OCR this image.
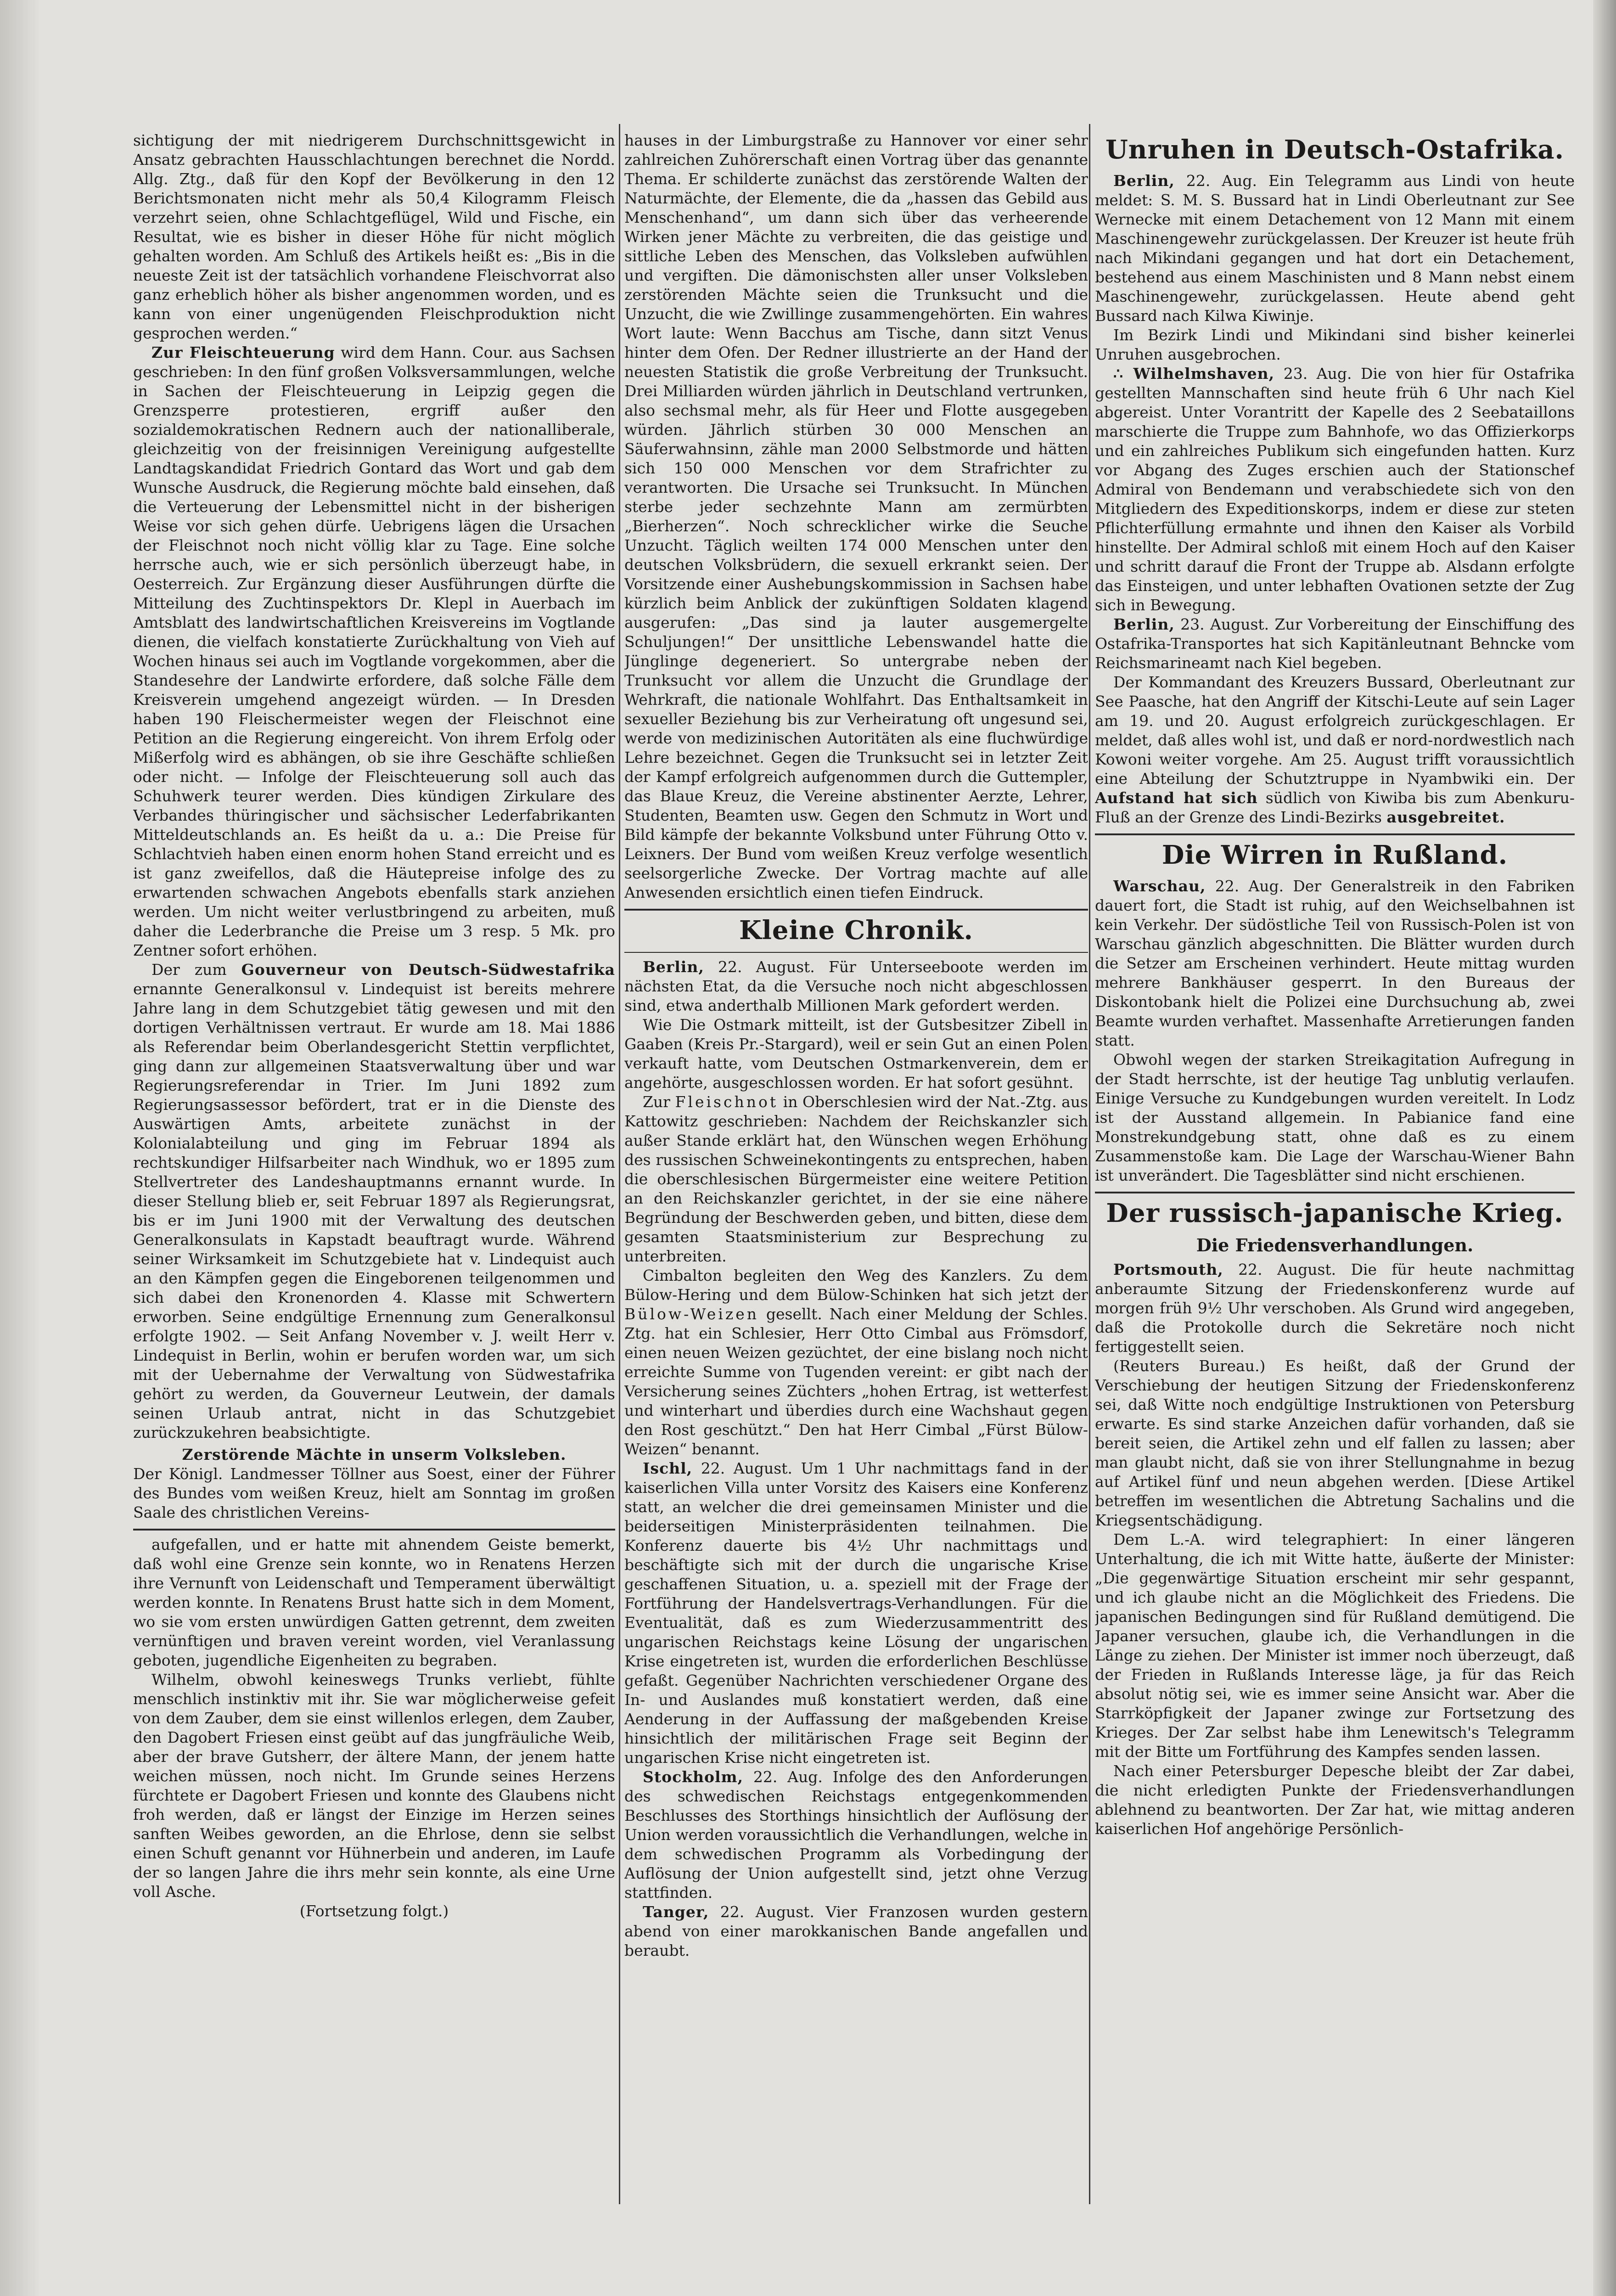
sichtigung der mit niedrigerem Durchschnittsgewicht in Ansatz gebrachten Hausschlachtungen berechnet die Nordd. Allg. Ztg., daß für den Kopf der Bevölkerung in den 12 Berichtsmonaten nicht mehr als 50,4 Kilogramm Fleisch verzehrt seien, ohne Schlachtgeflügel, Wild und Fische, ein Resultat, wie es bisher in dieser Höhe für nicht möglich gehalten worden. Am Schluß des Artikels heißt es: „Bis in die neueste Zeit ist der tatsächlich vorhandene Fleischvorrat also ganz erheblich höher als bisher angenommen worden, und es kann von einer ungenügenden Fleischproduktion nicht gesprochen werden.“

Zur Fleischteuerung wird dem Hann. Cour. aus Sachsen geschrieben: In den fünf großen Volksversammlungen, welche in Sachen der Fleischteuerung in Leipzig gegen die Grenzsperre protestieren, ergriff außer den sozialdemokratischen Rednern auch der nationalliberale, gleichzeitig von der freisinnigen Vereinigung aufgestellte Landtagskandidat Friedrich Gontard das Wort und gab dem Wunsche Ausdruck, die Regierung möchte bald einsehen, daß die Verteuerung der Lebensmittel nicht in der bisherigen Weise vor sich gehen dürfe. Uebrigens lägen die Ursachen der Fleischnot noch nicht völlig klar zu Tage. Eine solche herrsche auch, wie er sich persönlich überzeugt habe, in Oesterreich. Zur Ergänzung dieser Ausführungen dürfte die Mitteilung des Zuchtinspektors Dr. Klepl in Auerbach im Amtsblatt des landwirtschaftlichen Kreisvereins im Vogtlande dienen, die vielfach konstatierte Zurückhaltung von Vieh auf Wochen hinaus sei auch im Vogtlande vorgekommen, aber die Standesehre der Landwirte erfordere, daß solche Fälle dem Kreisverein umgehend angezeigt würden. — In Dresden haben 190 Fleischermeister wegen der Fleischnot eine Petition an die Regierung eingereicht. Von ihrem Erfolg oder Mißerfolg wird es abhängen, ob sie ihre Geschäfte schließen oder nicht. — Infolge der Fleischteuerung soll auch das Schuhwerk teurer werden. Dies kündigen Zirkulare des Verbandes thüringischer und sächsischer Lederfabrikanten Mitteldeutschlands an. Es heißt da u. a.: Die Preise für Schlachtvieh haben einen enorm hohen Stand erreicht und es ist ganz zweifellos, daß die Häutepreise infolge des zu erwartenden schwachen Angebots ebenfalls stark anziehen werden. Um nicht weiter verlustbringend zu arbeiten, muß daher die Lederbranche die Preise um 3 resp. 5 Mk. pro Zentner sofort erhöhen.

Der zum Gouverneur von Deutsch-Südwestafrika ernannte Generalkonsul v. Lindequist ist bereits mehrere Jahre lang in dem Schutzgebiet tätig gewesen und mit den dortigen Verhältnissen vertraut. Er wurde am 18. Mai 1886 als Referendar beim Oberlandesgericht Stettin verpflichtet, ging dann zur allgemeinen Staatsverwaltung über und war Regierungsreferendar in Trier. Im Juni 1892 zum Regierungsassessor befördert, trat er in die Dienste des Auswärtigen Amts, arbeitete zunächst in der Kolonialabteilung und ging im Februar 1894 als rechtskundiger Hilfsarbeiter nach Windhuk, wo er 1895 zum Stellvertreter des Landeshauptmanns ernannt wurde. In dieser Stellung blieb er, seit Februar 1897 als Regierungsrat, bis er im Juni 1900 mit der Verwaltung des deutschen Generalkonsulats in Kapstadt beauftragt wurde. Während seiner Wirksamkeit im Schutzgebiete hat v. Lindequist auch an den Kämpfen gegen die Eingeborenen teilgenommen und sich dabei den Kronenorden 4. Klasse mit Schwertern erworben. Seine endgültige Ernennung zum Generalkonsul erfolgte 1902. — Seit Anfang November v. J. weilt Herr v. Lindequist in Berlin, wohin er berufen worden war, um sich mit der Uebernahme der Verwaltung von Südwestafrika gehört zu werden, da Gouverneur Leutwein, der damals seinen Urlaub antrat, nicht in das Schutzgebiet zurückzukehren beabsichtigte.

Zerstörende Mächte in unserm Volksleben.

Der Königl. Landmesser Töllner aus Soest, einer der Führer des Bundes vom weißen Kreuz, hielt am Sonntag im großen Saale des christlichen Vereins-

aufgefallen, und er hatte mit ahnendem Geiste bemerkt, daß wohl eine Grenze sein konnte, wo in Renatens Herzen ihre Vernunft von Leidenschaft und Temperament überwältigt werden konnte. In Renatens Brust hatte sich in dem Moment, wo sie vom ersten unwürdigen Gatten getrennt, dem zweiten vernünftigen und braven vereint worden, viel Veranlassung geboten, jugendliche Eigenheiten zu begraben.

Wilhelm, obwohl keineswegs Trunks verliebt, fühlte menschlich instinktiv mit ihr. Sie war möglicherweise gefeit von dem Zauber, dem sie einst willenlos erlegen, dem Zauber, den Dagobert Friesen einst geübt auf das jungfräuliche Weib, aber der brave Gutsherr, der ältere Mann, der jenem hatte weichen müssen, noch nicht. Im Grunde seines Herzens fürchtete er Dagobert Friesen und konnte des Glaubens nicht froh werden, daß er längst der Einzige im Herzen seines sanften Weibes geworden, an die Ehrlose, denn sie selbst einen Schuft genannt vor Hühnerbein und anderen, im Laufe der so langen Jahre die ihrs mehr sein konnte, als eine Urne voll Asche.

(Fortsetzung folgt.)

hauses in der Limburgstraße zu Hannover vor einer sehr zahlreichen Zuhörerschaft einen Vortrag über das genannte Thema. Er schilderte zunächst das zerstörende Walten der Naturmächte, der Elemente, die da „hassen das Gebild aus Menschenhand“, um dann sich über das verheerende Wirken jener Mächte zu verbreiten, die das geistige und sittliche Leben des Menschen, das Volksleben aufwühlen und vergiften. Die dämonischsten aller unser Volksleben zerstörenden Mächte seien die Trunksucht und die Unzucht, die wie Zwillinge zusammengehörten. Ein wahres Wort laute: Wenn Bacchus am Tische, dann sitzt Venus hinter dem Ofen. Der Redner illustrierte an der Hand der neuesten Statistik die große Verbreitung der Trunksucht. Drei Milliarden würden jährlich in Deutschland vertrunken, also sechsmal mehr, als für Heer und Flotte ausgegeben würden. Jährlich stürben 30 000 Menschen an Säuferwahnsinn, zähle man 2000 Selbstmorde und hätten sich 150 000 Menschen vor dem Strafrichter zu verantworten. Die Ursache sei Trunksucht. In München sterbe jeder sechzehnte Mann am zermürbten „Bierherzen“. Noch schrecklicher wirke die Seuche Unzucht. Täglich weilten 174 000 Menschen unter den deutschen Volksbrüdern, die sexuell erkrankt seien. Der Vorsitzende einer Aushebungskommission in Sachsen habe kürzlich beim Anblick der zukünftigen Soldaten klagend ausgerufen: „Das sind ja lauter ausgemergelte Schuljungen!“ Der unsittliche Lebenswandel hatte die Jünglinge degeneriert. So untergrabe neben der Trunksucht vor allem die Unzucht die Grundlage der Wehrkraft, die nationale Wohlfahrt. Das Enthaltsamkeit in sexueller Beziehung bis zur Verheiratung oft ungesund sei, werde von medizinischen Autoritäten als eine fluchwürdige Lehre bezeichnet. Gegen die Trunksucht sei in letzter Zeit der Kampf erfolgreich aufgenommen durch die Guttempler, das Blaue Kreuz, die Vereine abstinenter Aerzte, Lehrer, Studenten, Beamten usw. Gegen den Schmutz in Wort und Bild kämpfe der bekannte Volksbund unter Führung Otto v. Leixners. Der Bund vom weißen Kreuz verfolge wesentlich seelsorgerliche Zwecke. Der Vortrag machte auf alle Anwesenden ersichtlich einen tiefen Eindruck.

Kleine Chronik.

Berlin, 22. August. Für Unterseeboote werden im nächsten Etat, da die Versuche noch nicht abgeschlossen sind, etwa anderthalb Millionen Mark gefordert werden.

Wie Die Ostmark mitteilt, ist der Gutsbesitzer Zibell in Gaaben (Kreis Pr.-Stargard), weil er sein Gut an einen Polen verkauft hatte, vom Deutschen Ostmarkenverein, dem er angehörte, ausgeschlossen worden. Er hat sofort gesühnt.

Zur Fleischnot in Oberschlesien wird der Nat.-Ztg. aus Kattowitz geschrieben: Nachdem der Reichskanzler sich außer Stande erklärt hat, den Wünschen wegen Erhöhung des russischen Schweinekontingents zu entsprechen, haben die oberschlesischen Bürgermeister eine weitere Petition an den Reichskanzler gerichtet, in der sie eine nähere Begründung der Beschwerden geben, und bitten, diese dem gesamten Staatsministerium zur Besprechung zu unterbreiten.

Cimbalton begleiten den Weg des Kanzlers. Zu dem Bülow-Hering und dem Bülow-Schinken hat sich jetzt der Bülow-Weizen gesellt. Nach einer Meldung der Schles. Ztg. hat ein Schlesier, Herr Otto Cimbal aus Frömsdorf, einen neuen Weizen gezüchtet, der eine bislang noch nicht erreichte Summe von Tugenden vereint: er gibt nach der Versicherung seines Züchters „hohen Ertrag, ist wetterfest und winterhart und überdies durch eine Wachshaut gegen den Rost geschützt.“ Den hat Herr Cimbal „Fürst Bülow-Weizen“ benannt.

Ischl, 22. August. Um 1 Uhr nachmittags fand in der kaiserlichen Villa unter Vorsitz des Kaisers eine Konferenz statt, an welcher die drei gemeinsamen Minister und die beiderseitigen Ministerpräsidenten teilnahmen. Die Konferenz dauerte bis 4½ Uhr nachmittags und beschäftigte sich mit der durch die ungarische Krise geschaffenen Situation, u. a. speziell mit der Frage der Fortführung der Handelsvertrags-Verhandlungen. Für die Eventualität, daß es zum Wiederzusammentritt des ungarischen Reichstags keine Lösung der ungarischen Krise eingetreten ist, wurden die erforderlichen Beschlüsse gefaßt. Gegenüber Nachrichten verschiedener Organe des In- und Auslandes muß konstatiert werden, daß eine Aenderung in der Auffassung der maßgebenden Kreise hinsichtlich der militärischen Frage seit Beginn der ungarischen Krise nicht eingetreten ist.

Stockholm, 22. Aug. Infolge des den Anforderungen des schwedischen Reichstags entgegenkommenden Beschlusses des Storthings hinsichtlich der Auflösung der Union werden voraussichtlich die Verhandlungen, welche in dem schwedischen Programm als Vorbedingung der Auflösung der Union aufgestellt sind, jetzt ohne Verzug stattfinden.

Tanger, 22. August. Vier Franzosen wurden gestern abend von einer marokkanischen Bande angefallen und beraubt.

Unruhen in Deutsch-Ostafrika.

Berlin, 22. Aug. Ein Telegramm aus Lindi von heute meldet: S. M. S. Bussard hat in Lindi Oberleutnant zur See Wernecke mit einem Detachement von 12 Mann mit einem Maschinengewehr zurückgelassen. Der Kreuzer ist heute früh nach Mikindani gegangen und hat dort ein Detachement, bestehend aus einem Maschinisten und 8 Mann nebst einem Maschinengewehr, zurückgelassen. Heute abend geht Bussard nach Kilwa Kiwinje.

Im Bezirk Lindi und Mikindani sind bisher keinerlei Unruhen ausgebrochen.

∴ Wilhelmshaven, 23. Aug. Die von hier für Ostafrika gestellten Mannschaften sind heute früh 6 Uhr nach Kiel abgereist. Unter Vorantritt der Kapelle des 2 Seebataillons marschierte die Truppe zum Bahnhofe, wo das Offizierkorps und ein zahlreiches Publikum sich eingefunden hatten. Kurz vor Abgang des Zuges erschien auch der Stationschef Admiral von Bendemann und verabschiedete sich von den Mitgliedern des Expeditionskorps, indem er diese zur steten Pflichterfüllung ermahnte und ihnen den Kaiser als Vorbild hinstellte. Der Admiral schloß mit einem Hoch auf den Kaiser und schritt darauf die Front der Truppe ab. Alsdann erfolgte das Einsteigen, und unter lebhaften Ovationen setzte der Zug sich in Bewegung.

Berlin, 23. August. Zur Vorbereitung der Einschiffung des Ostafrika-Transportes hat sich Kapitänleutnant Behncke vom Reichsmarineamt nach Kiel begeben.

Der Kommandant des Kreuzers Bussard, Oberleutnant zur See Paasche, hat den Angriff der Kitschi-Leute auf sein Lager am 19. und 20. August erfolgreich zurückgeschlagen. Er meldet, daß alles wohl ist, und daß er nord-nordwestlich nach Kowoni weiter vorgehe. Am 25. August trifft voraussichtlich eine Abteilung der Schutztruppe in Nyambwiki ein. Der Aufstand hat sich südlich von Kiwiba bis zum Abenkuru-Fluß an der Grenze des Lindi-Bezirks ausgebreitet.

Die Wirren in Rußland.

Warschau, 22. Aug. Der Generalstreik in den Fabriken dauert fort, die Stadt ist ruhig, auf den Weichselbahnen ist kein Verkehr. Der südöstliche Teil von Russisch-Polen ist von Warschau gänzlich abgeschnitten. Die Blätter wurden durch die Setzer am Erscheinen verhindert. Heute mittag wurden mehrere Bankhäuser gesperrt. In den Bureaus der Diskontobank hielt die Polizei eine Durchsuchung ab, zwei Beamte wurden verhaftet. Massenhafte Arretierungen fanden statt.

Obwohl wegen der starken Streikagitation Aufregung in der Stadt herrschte, ist der heutige Tag unblutig verlaufen. Einige Versuche zu Kundgebungen wurden vereitelt. In Lodz ist der Ausstand allgemein. In Pabianice fand eine Monstrekundgebung statt, ohne daß es zu einem Zusammenstoße kam. Die Lage der Warschau-Wiener Bahn ist unverändert. Die Tagesblätter sind nicht erschienen.

Der russisch-japanische Krieg.
Die Friedensverhandlungen.

Portsmouth, 22. August. Die für heute nachmittag anberaumte Sitzung der Friedenskonferenz wurde auf morgen früh 9½ Uhr verschoben. Als Grund wird angegeben, daß die Protokolle durch die Sekretäre noch nicht fertiggestellt seien.

(Reuters Bureau.) Es heißt, daß der Grund der Verschiebung der heutigen Sitzung der Friedenskonferenz sei, daß Witte noch endgültige Instruktionen von Petersburg erwarte. Es sind starke Anzeichen dafür vorhanden, daß sie bereit seien, die Artikel zehn und elf fallen zu lassen; aber man glaubt nicht, daß sie von ihrer Stellungnahme in bezug auf Artikel fünf und neun abgehen werden. [Diese Artikel betreffen im wesentlichen die Abtretung Sachalins und die Kriegsentschädigung.

Dem L.-A. wird telegraphiert: In einer längeren Unterhaltung, die ich mit Witte hatte, äußerte der Minister: „Die gegenwärtige Situation erscheint mir sehr gespannt, und ich glaube nicht an die Möglichkeit des Friedens. Die japanischen Bedingungen sind für Rußland demütigend. Die Japaner versuchen, glaube ich, die Verhandlungen in die Länge zu ziehen. Der Minister ist immer noch überzeugt, daß der Frieden in Rußlands Interesse läge, ja für das Reich absolut nötig sei, wie es immer seine Ansicht war. Aber die Starrköpfigkeit der Japaner zwinge zur Fortsetzung des Krieges. Der Zar selbst habe ihm Lenewitsch's Telegramm mit der Bitte um Fortführung des Kampfes senden lassen.

Nach einer Petersburger Depesche bleibt der Zar dabei, die nicht erledigten Punkte der Friedensverhandlungen ablehnend zu beantworten. Der Zar hat, wie mittag anderen kaiserlichen Hof angehörige Persönlich-
